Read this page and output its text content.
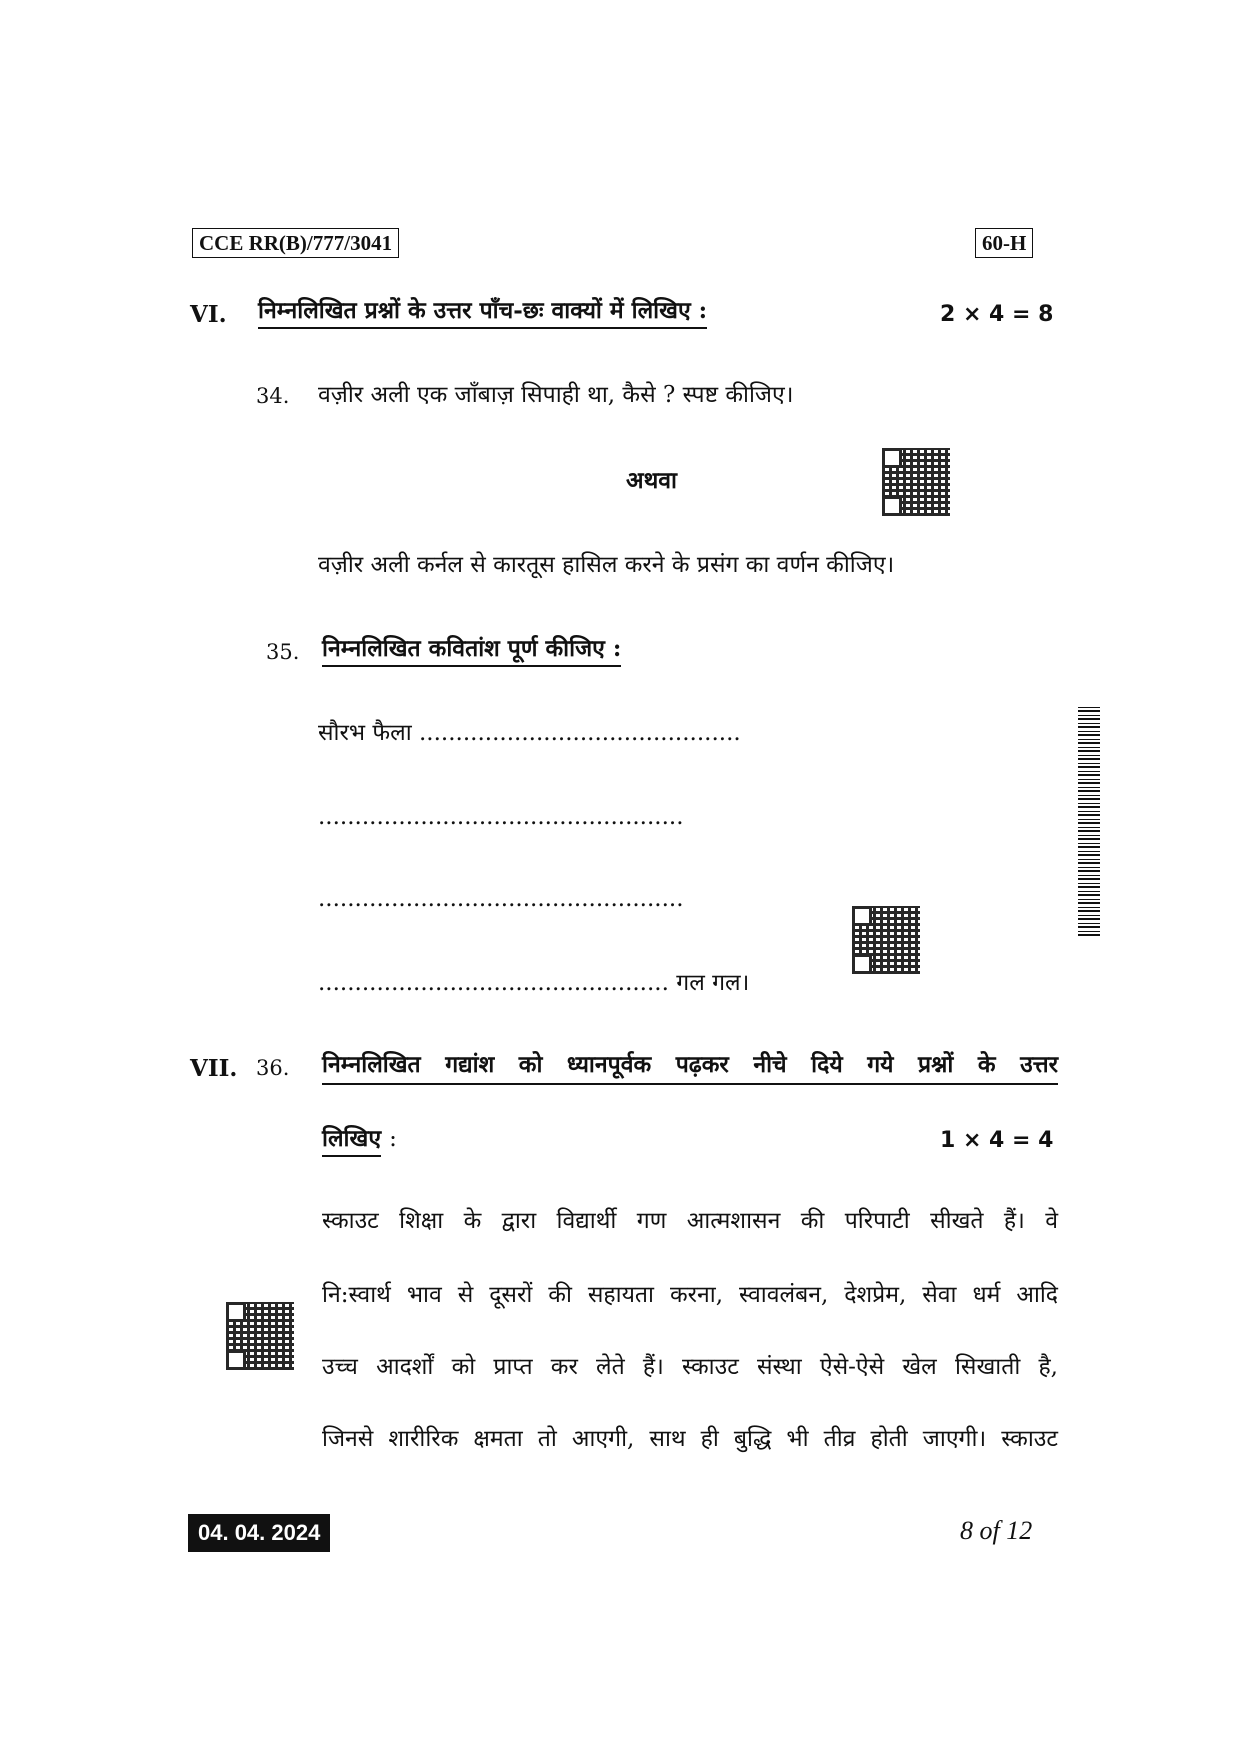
CCE RR(B)/777/3041	60-H
VI. निम्नलिखित प्रश्नों के उत्तर पाँच-छः वाक्यों में लिखिए :	2 × 4 = 8
34. वज़ीर अली एक जाँबाज़ सिपाही था, कैसे ? स्पष्ट कीजिए।
अथवा
वज़ीर अली कर्नल से कारतूस हासिल करने के प्रसंग का वर्णन कीजिए।
35. निम्नलिखित कवितांश पूर्ण कीजिए :
सौरभ फैला ............................................
..................................................
..................................................
................................................ गल गल।
VII. 36. निम्नलिखित गद्यांश को ध्यानपूर्वक पढ़कर नीचे दिये गये प्रश्नों के उत्तर
लिखिए :	1 × 4 = 4
स्काउट शिक्षा के द्वारा विद्यार्थी गण आत्मशासन की परिपाटी सीखते हैं। वे
नि:स्वार्थ भाव से दूसरों की सहायता करना, स्वावलंबन, देशप्रेम, सेवा धर्म आदि
उच्च आदर्शों को प्राप्त कर लेते हैं। स्काउट संस्था ऐसे-ऐसे खेल सिखाती है,
जिनसे शारीरिक क्षमता तो आएगी, साथ ही बुद्धि भी तीव्र होती जाएगी। स्काउट
04. 04. 2024	8 of 12
